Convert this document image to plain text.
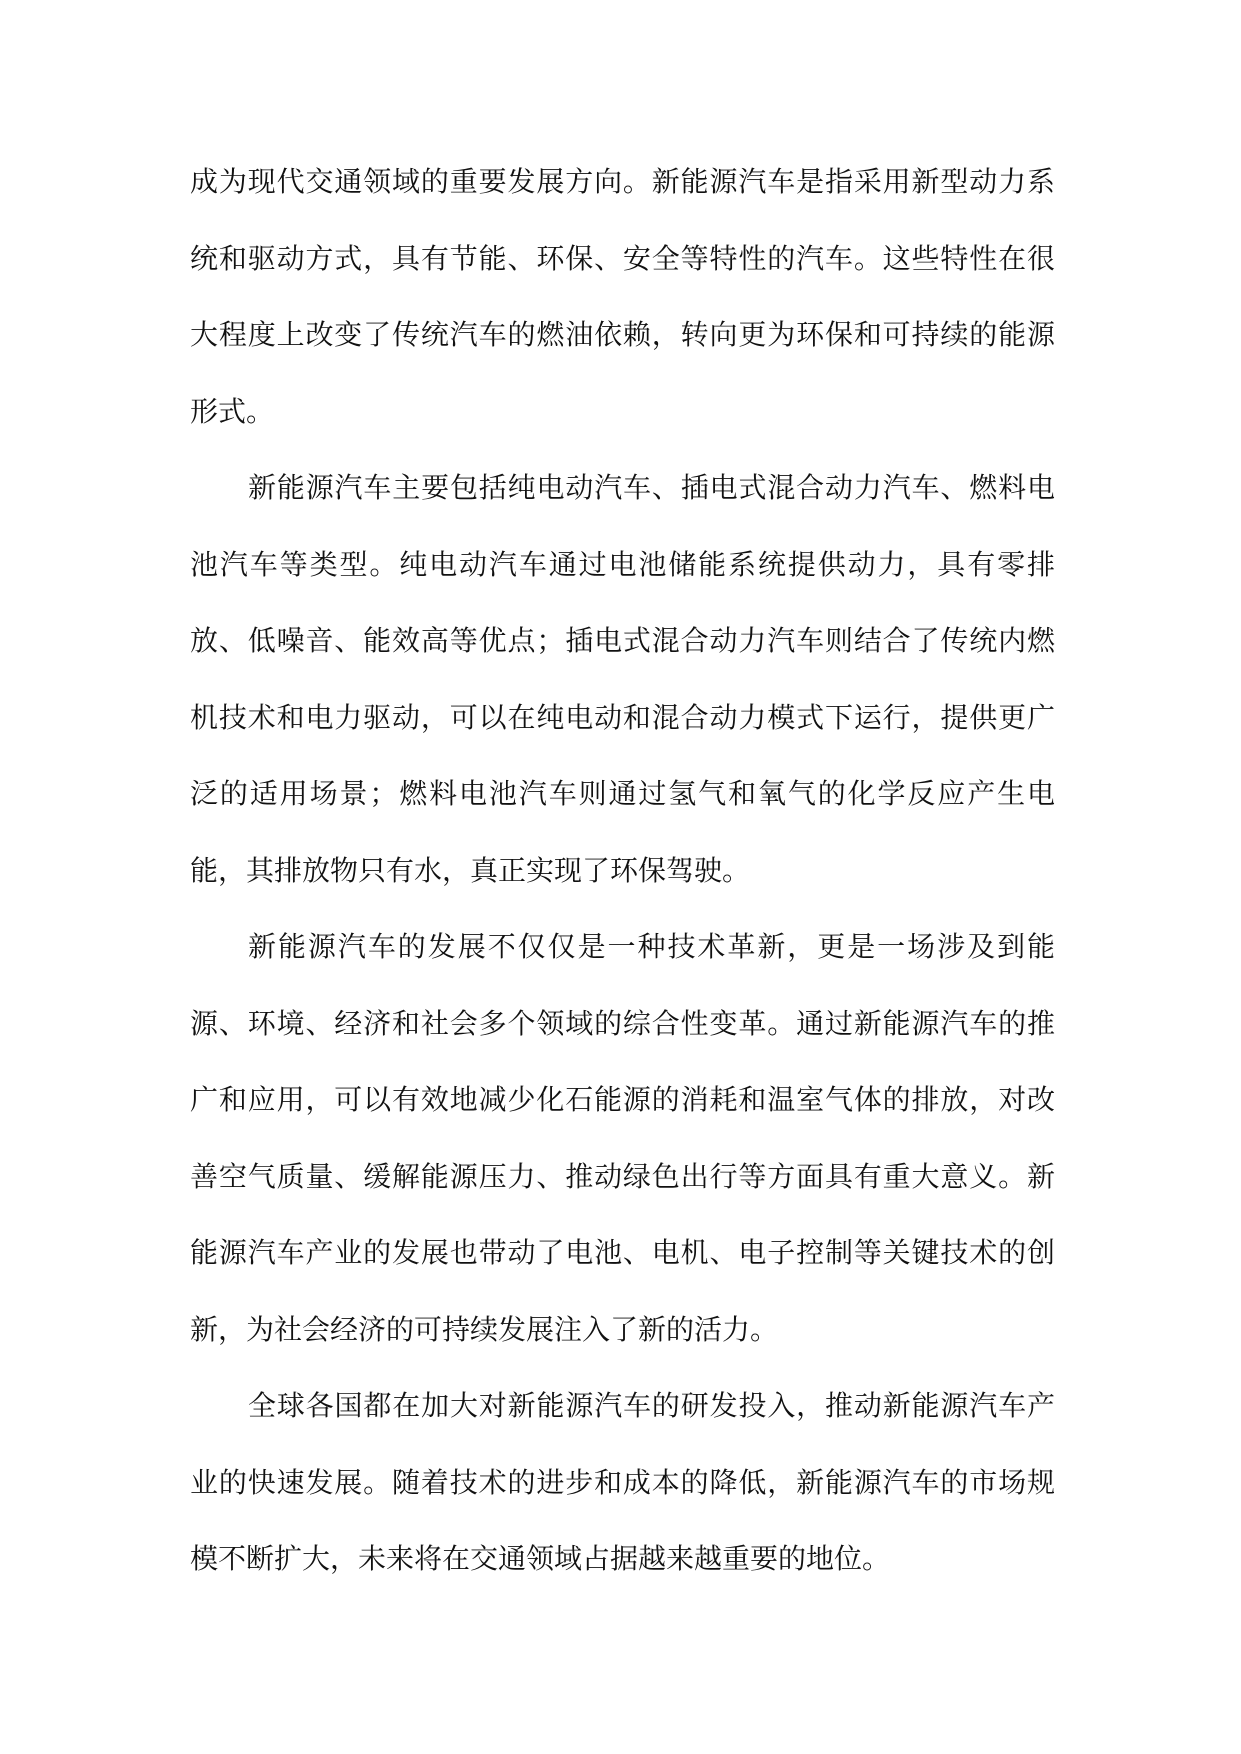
成为现代交通领域的重要发展方向。新能源汽车是指采用新型动力系统和驱动方式，具有节能、环保、安全等特性的汽车。这些特性在很大程度上改变了传统汽车的燃油依赖，转向更为环保和可持续的能源形式。

新能源汽车主要包括纯电动汽车、插电式混合动力汽车、燃料电池汽车等类型。纯电动汽车通过电池储能系统提供动力，具有零排放、低噪音、能效高等优点；插电式混合动力汽车则结合了传统内燃机技术和电力驱动，可以在纯电动和混合动力模式下运行，提供更广泛的适用场景；燃料电池汽车则通过氢气和氧气的化学反应产生电能，其排放物只有水，真正实现了环保驾驶。

新能源汽车的发展不仅仅是一种技术革新，更是一场涉及到能源、环境、经济和社会多个领域的综合性变革。通过新能源汽车的推广和应用，可以有效地减少化石能源的消耗和温室气体的排放，对改善空气质量、缓解能源压力、推动绿色出行等方面具有重大意义。新能源汽车产业的发展也带动了电池、电机、电子控制等关键技术的创新，为社会经济的可持续发展注入了新的活力。

全球各国都在加大对新能源汽车的研发投入，推动新能源汽车产业的快速发展。随着技术的进步和成本的降低，新能源汽车的市场规模不断扩大，未来将在交通领域占据越来越重要的地位。
